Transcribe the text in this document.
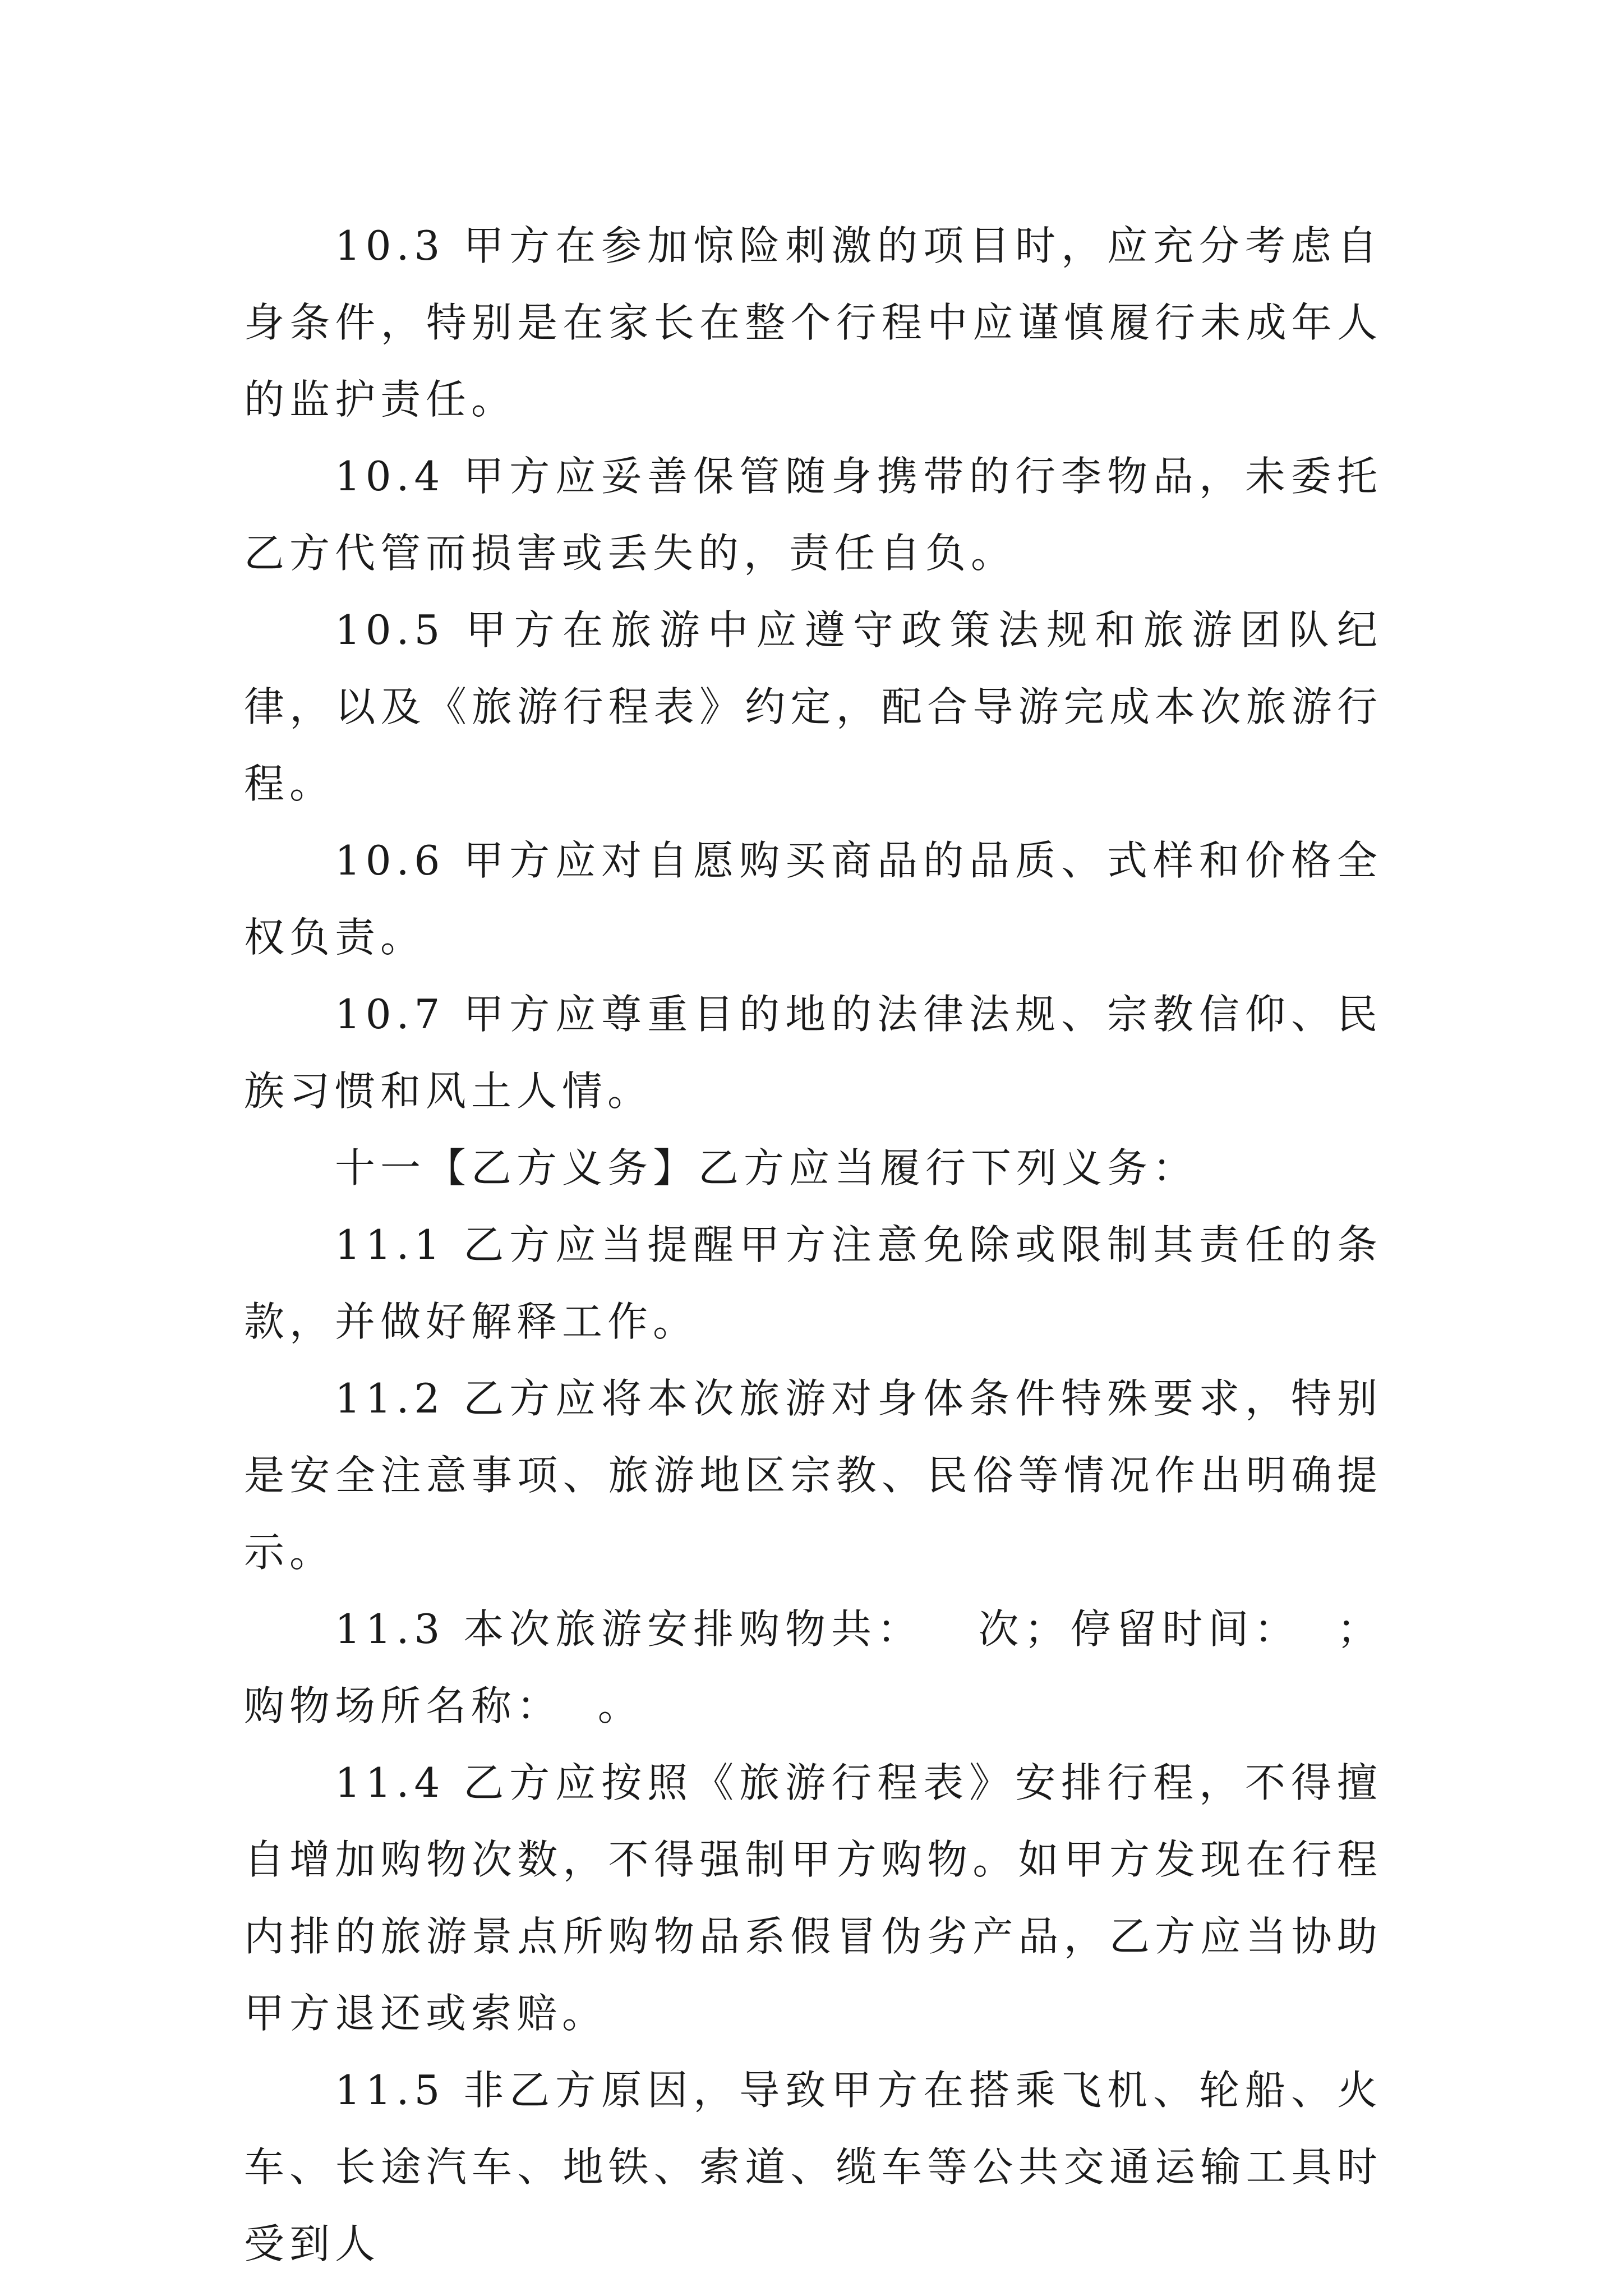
10.3 甲方在参加惊险刺激的项目时，应充分考虑自身条件，特别是在家长在整个行程中应谨慎履行未成年人的监护责任。

10.4 甲方应妥善保管随身携带的行李物品，未委托乙方代管而损害或丢失的，责任自负。

10.5 甲方在旅游中应遵守政策法规和旅游团队纪律，以及《旅游行程表》约定，配合导游完成本次旅游行程。

10.6 甲方应对自愿购买商品的品质、式样和价格全权负责。

10.7 甲方应尊重目的地的法律法规、宗教信仰、民族习惯和风土人情。

十一【乙方义务】乙方应当履行下列义务：

11.1 乙方应当提醒甲方注意免除或限制其责任的条款，并做好解释工作。

11.2 乙方应将本次旅游对身体条件特殊要求，特别是安全注意事项、旅游地区宗教、民俗等情况作出明确提示。

11.3 本次旅游安排购物共：   次；停留时间：  ；购物场所名称：  。

11.4 乙方应按照《旅游行程表》安排行程，不得擅自增加购物次数，不得强制甲方购物。如甲方发现在行程内排的旅游景点所购物品系假冒伪劣产品，乙方应当协助甲方退还或索赔。

11.5 非乙方原因，导致甲方在搭乘飞机、轮船、火车、长途汽车、地铁、索道、缆车等公共交通运输工具时受到人
